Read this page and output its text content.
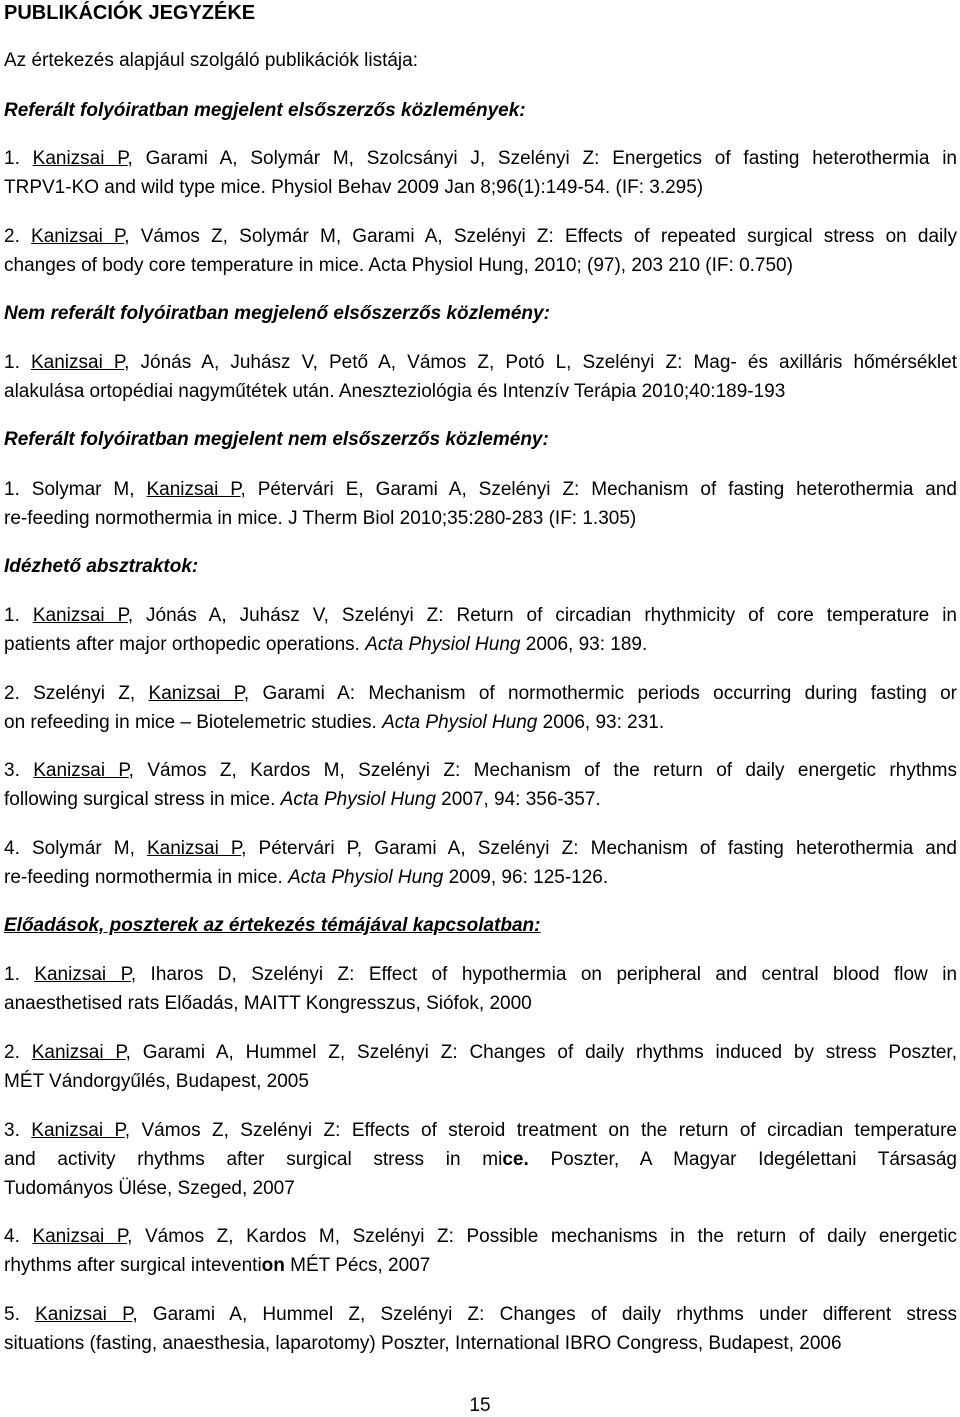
PUBLIKÁCIÓK JEGYZÉKE
Az értekezés alapjául szolgáló publikációk listája:
Referált folyóiratban megjelent elsőszerzős közlemények:
1. Kanizsai P, Garami A, Solymár M, Szolcsányi J, Szelényi Z: Energetics of fasting heterothermia in
TRPV1-KO and wild type mice. Physiol Behav 2009 Jan 8;96(1):149-54. (IF: 3.295)
2. Kanizsai P, Vámos Z, Solymár M, Garami A, Szelényi Z: Effects of repeated surgical stress on daily
changes of body core temperature in mice. Acta Physiol Hung, 2010; (97), 203 210 (IF: 0.750)
Nem referált folyóiratban megjelenő elsőszerzős közlemény:
1. Kanizsai P, Jónás A, Juhász V, Pető A, Vámos Z, Potó L, Szelényi Z: Mag- és axilláris hőmérséklet
alakulása ortopédiai nagyműtétek után. Aneszteziológia és Intenzív Terápia 2010;40:189-193
Referált folyóiratban megjelent nem elsőszerzős közlemény:
1. Solymar M, Kanizsai P, Pétervári E, Garami A, Szelényi Z: Mechanism of fasting heterothermia and
re-feeding normothermia in mice. J Therm Biol 2010;35:280-283 (IF: 1.305)
Idézhető absztraktok:
1. Kanizsai P, Jónás A, Juhász V, Szelényi Z: Return of circadian rhythmicity of core temperature in
patients after major orthopedic operations. Acta Physiol Hung 2006, 93: 189.
2. Szelényi Z, Kanizsai P, Garami A: Mechanism of normothermic periods occurring during fasting or
on refeeding in mice – Biotelemetric studies. Acta Physiol Hung 2006, 93: 231.
3. Kanizsai P, Vámos Z, Kardos M, Szelényi Z: Mechanism of the return of daily energetic rhythms
following surgical stress in mice. Acta Physiol Hung 2007, 94: 356-357.
4. Solymár M, Kanizsai P, Pétervári P, Garami A, Szelényi Z: Mechanism of fasting heterothermia and
re-feeding normothermia in mice. Acta Physiol Hung 2009, 96: 125-126.
Előadások, poszterek az értekezés témájával kapcsolatban:
1. Kanizsai P, Iharos D, Szelényi Z: Effect of hypothermia on peripheral and central blood flow in
anaesthetised rats Előadás, MAITT Kongresszus, Siófok, 2000
2. Kanizsai P, Garami A, Hummel Z, Szelényi Z: Changes of daily rhythms induced by stress Poszter,
MÉT Vándorgyűlés, Budapest, 2005
3. Kanizsai P, Vámos Z, Szelényi Z: Effects of steroid treatment on the return of circadian temperature
and activity rhythms after surgical stress in mice. Poszter, A Magyar Idegélettani Társaság
Tudományos Ülése, Szeged, 2007
4. Kanizsai P, Vámos Z, Kardos M, Szelényi Z: Possible mechanisms in the return of daily energetic
rhythms after surgical intevention MÉT Pécs, 2007
5. Kanizsai P, Garami A, Hummel Z, Szelényi Z: Changes of daily rhythms under different stress
situations (fasting, anaesthesia, laparotomy) Poszter, International IBRO Congress, Budapest, 2006
15
